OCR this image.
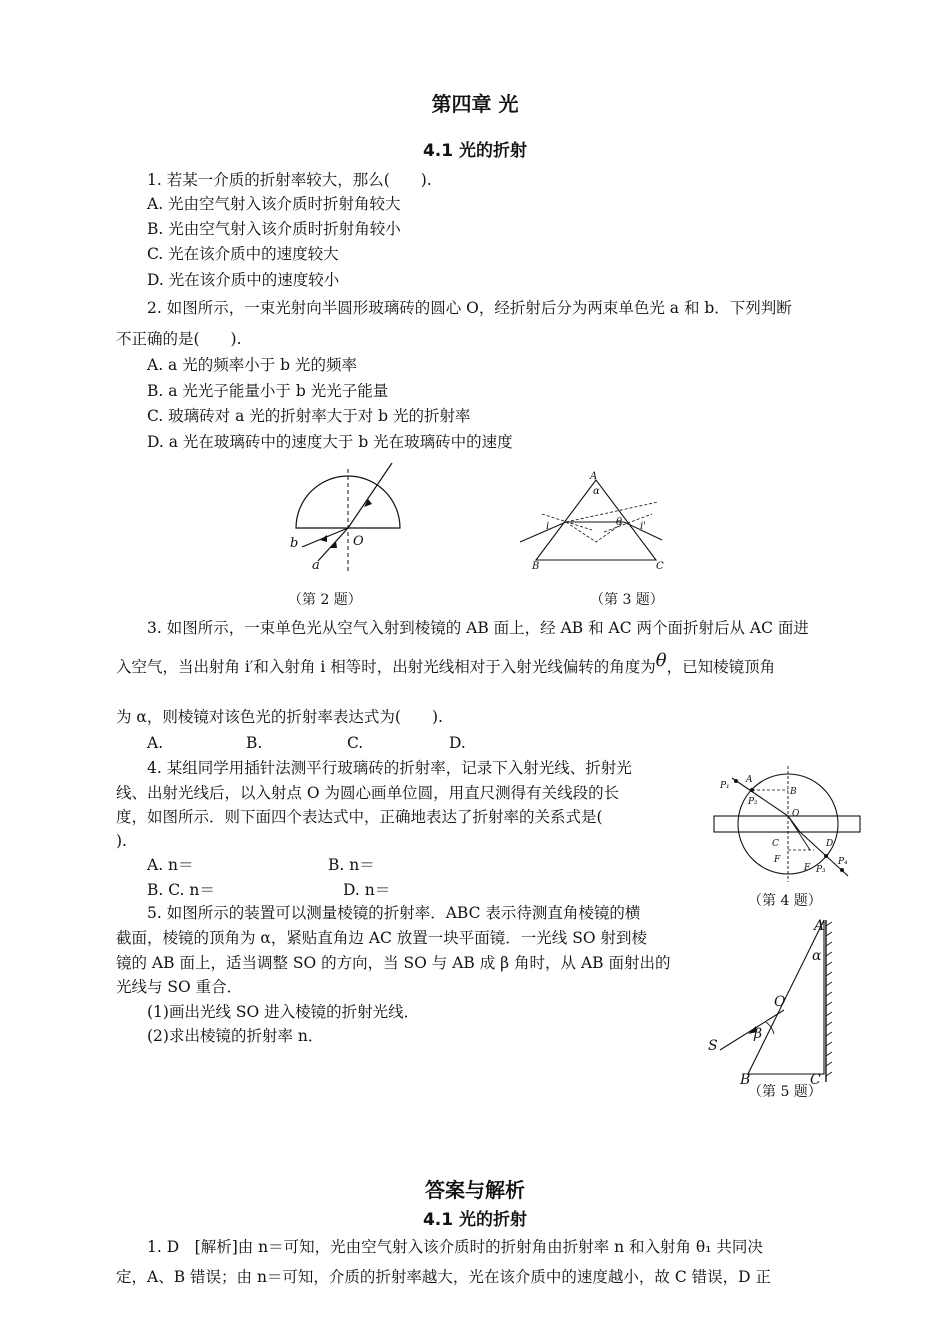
第四章 光
4.1 光的折射
1. 若某一介质的折射率较大，那么(　　).
A. 光由空气射入该介质时折射角较大
B. 光由空气射入该介质时折射角较小
C. 光在该介质中的速度较大
D. 光在该介质中的速度较小
2. 如图所示，一束光射向半圆形玻璃砖的圆心 O，经折射后分为两束单色光 a 和 b．下列判断
不正确的是(　　).
A. a 光的频率小于 b 光的频率
B. a 光光子能量小于 b 光光子能量
C. 玻璃砖对 a 光的折射率大于对 b 光的折射率
D. a 光在玻璃砖中的速度大于 b 光在玻璃砖中的速度
b
a
O
（第 2 题）
A
α
B	C
i	θ i'
（第 3 题）
3. 如图所示，一束单色光从空气入射到棱镜的 AB 面上，经 AB 和 AC 两个面折射后从 AC 面进
入空气，当出射角 i′和入射角 i 相等时，出射光线相对于入射光线偏转的角度为θ，已知棱镜顶角
为 α，则棱镜对该色光的折射率表达式为(　　).
A.	B.	C.	D.
4. 某组同学用插针法测平行玻璃砖的折射率，记录下入射光线、折射光
线、出射光线后，以入射点 O 为圆心画单位圆，用直尺测得有关线段的长
度，如图所示．则下面四个表达式中，正确地表达了折射率的关系式是(
).
A. n＝	B. n＝
B. C. n＝	D. n＝
P₁
A
P₂
B
O
C	D
F
E P₃
P₄
（第 4 题）
5. 如图所示的装置可以测量棱镜的折射率．ABC 表示待测直角棱镜的横
截面，棱镜的顶角为 α，紧贴直角边 AC 放置一块平面镜．一光线 SO 射到棱
镜的 AB 面上，适当调整 SO 的方向，当 SO 与 AB 成 β 角时，从 AB 面射出的
光线与 SO 重合．
(1)画出光线 SO 进入棱镜的折射光线．
(2)求出棱镜的折射率 n．
A
α
O
β
S
B	C
（第 5 题）
答案与解析
4.1 光的折射
1. D　[解析]由 n＝可知，光由空气射入该介质时的折射角由折射率 n 和入射角 θ₁ 共同决
定，A、B 错误；由 n＝可知，介质的折射率越大，光在该介质中的速度越小，故 C 错误，D 正
